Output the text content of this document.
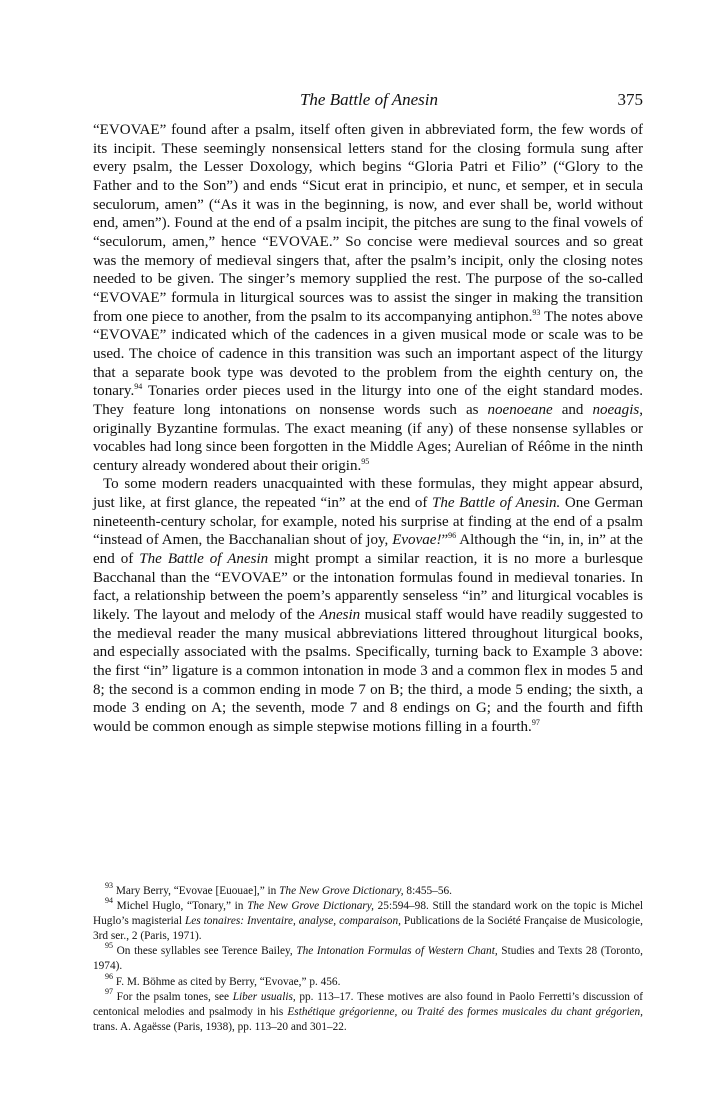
The Battle of Anesin	375

“EVOVAE” found after a psalm, itself often given in abbreviated form, the few words of its incipit. These seemingly nonsensical letters stand for the closing formula sung after every psalm, the Lesser Doxology, which begins “Gloria Patri et Filio” (“Glory to the Father and to the Son”) and ends “Sicut erat in principio, et nunc, et semper, et in secula seculorum, amen” (“As it was in the beginning, is now, and ever shall be, world without end, amen”). Found at the end of a psalm incipit, the pitches are sung to the final vowels of “seculorum, amen,” hence “EVOVAE.” So concise were medieval sources and so great was the memory of medieval singers that, after the psalm’s incipit, only the closing notes needed to be given. The singer’s memory supplied the rest. The purpose of the so-called “EVOVAE” formula in liturgical sources was to assist the singer in making the transition from one piece to another, from the psalm to its accompanying antiphon.$^{93}$ The notes above “EVOVAE” indicated which of the cadences in a given musical mode or scale was to be used. The choice of cadence in this transition was such an important aspect of the liturgy that a separate book type was devoted to the problem from the eighth century on, the tonary.$^{94}$ Tonaries order pieces used in the liturgy into one of the eight standard modes. They feature long intonations on nonsense words such as noenoeane and noeagis, originally Byzantine formulas. The exact meaning (if any) of these nonsense syllables or vocables had long since been forgotten in the Middle Ages; Aurelian of Réôme in the ninth century already wondered about their origin.$^{95}$

To some modern readers unacquainted with these formulas, they might appear absurd, just like, at first glance, the repeated “in” at the end of The Battle of Anesin. One German nineteenth-century scholar, for example, noted his surprise at finding at the end of a psalm “instead of Amen, the Bacchanalian shout of joy, Evovae!”$^{96}$ Although the “in, in, in” at the end of The Battle of Anesin might prompt a similar reaction, it is no more a burlesque Bacchanal than the “EVOVAE” or the intonation formulas found in medieval tonaries. In fact, a relationship between the poem’s apparently senseless “in” and liturgical vocables is likely. The layout and melody of the Anesin musical staff would have readily suggested to the medieval reader the many musical abbreviations littered throughout liturgical books, and especially associated with the psalms. Specifically, turning back to Example 3 above: the first “in” ligature is a common intonation in mode 3 and a common flex in modes 5 and 8; the second is a common ending in mode 7 on B; the third, a mode 5 ending; the sixth, a mode 3 ending on A; the seventh, mode 7 and 8 endings on G; and the fourth and fifth would be common enough as simple stepwise motions filling in a fourth.$^{97}$

$^{93}$ Mary Berry, “Evovae [Euouae],” in The New Grove Dictionary, 8:455–56.

$^{94}$ Michel Huglo, “Tonary,” in The New Grove Dictionary, 25:594–98. Still the standard work on the topic is Michel Huglo’s magisterial Les tonaires: Inventaire, analyse, comparaison, Publications de la Société Française de Musicologie, 3rd ser., 2 (Paris, 1971).

$^{95}$ On these syllables see Terence Bailey, The Intonation Formulas of Western Chant, Studies and Texts 28 (Toronto, 1974).

$^{96}$ F. M. Böhme as cited by Berry, “Evovae,” p. 456.

$^{97}$ For the psalm tones, see Liber usualis, pp. 113–17. These motives are also found in Paolo Ferretti’s discussion of centonical melodies and psalmody in his Esthétique grégorienne, ou Traité des formes musicales du chant grégorien, trans. A. Agaësse (Paris, 1938), pp. 113–20 and 301–22.
